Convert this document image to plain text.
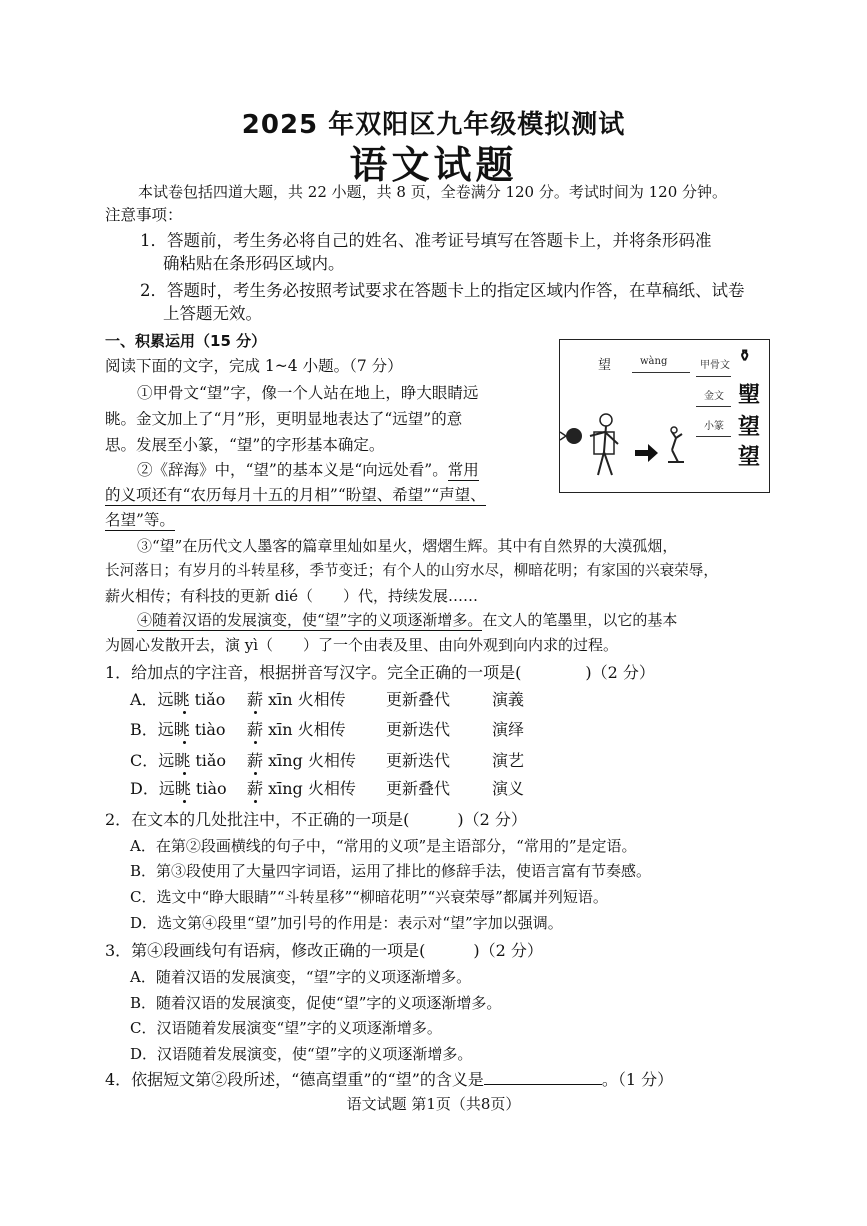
2025 年双阳区九年级模拟测试
语文试题
本试卷包括四道大题，共 22 小题，共 8 页，全卷满分 120 分。考试时间为 120 分钟。
注意事项：
1．答题前，考生务必将自己的姓名、准考证号填写在答题卡上，并将条形码准
确粘贴在条形码区域内。
2．答题时，考生务必按照考试要求在答题卡上的指定区域内作答，在草稿纸、试卷
上答题无效。
一、积累运用（15 分）
阅读下面的文字，完成 1~4 小题。（7 分）	望	wàng	甲骨文
金文
小篆
⚱
朢
望
望
①甲骨文“望”字，像一个人站在地上，睁大眼睛远
眺。金文加上了“月”形，更明显地表达了“远望”的意
思。发展至小篆，“望”的字形基本确定。
②《辞海》中，“望”的基本义是“向远处看”。常用
的义项还有“农历每月十五的月相”“盼望、希望”“声望、
名望”等。
③“望”在历代文人墨客的篇章里灿如星火，熠熠生辉。其中有自然界的大漠孤烟，
长河落日；有岁月的斗转星移，季节变迁；有个人的山穷水尽，柳暗花明；有家国的兴衰荣辱，
薪火相传；有科技的更新 dié（　　）代，持续发展……
④随着汉语的发展演变，使“望”字的义项逐渐增多。在文人的笔墨里，以它的基本
为圆心发散开去，演 yì（　　）了一个由表及里、由向外观到向内求的过程。
1．给加点的字注音，根据拼音写汉字。完全正确的一项是(　　　　)（2 分）
A．远眺 tiǎo 薪 xīn 火相传	更新叠代	演義
B．远眺 tiào 薪 xīn 火相传	更新迭代	演绎
C．远眺 tiǎo 薪 xīng 火相传 更新迭代	演艺
D．远眺 tiào 薪 xīng 火相传 更新叠代	演义
2．在文本的几处批注中，不正确的一项是(　　　)（2 分）
A．在第②段画横线的句子中，“常用的义项”是主语部分，“常用的”是定语。
B．第③段使用了大量四字词语，运用了排比的修辞手法，使语言富有节奏感。
C．选文中“睁大眼睛”“斗转星移”“柳暗花明”“兴衰荣辱”都属并列短语。
D．选文第④段里“望”加引号的作用是：表示对“望”字加以强调。
3．第④段画线句有语病，修改正确的一项是(　　　)（2 分）
A．随着汉语的发展演变，“望”字的义项逐渐增多。
B．随着汉语的发展演变，促使“望”字的义项逐渐增多。
C．汉语随着发展演变“望”字的义项逐渐增多。
D．汉语随着发展演变，使“望”字的义项逐渐增多。
4．依据短文第②段所述，“德高望重”的“望”的含义是	。（1 分）
语文试题 第1页（共8页）
